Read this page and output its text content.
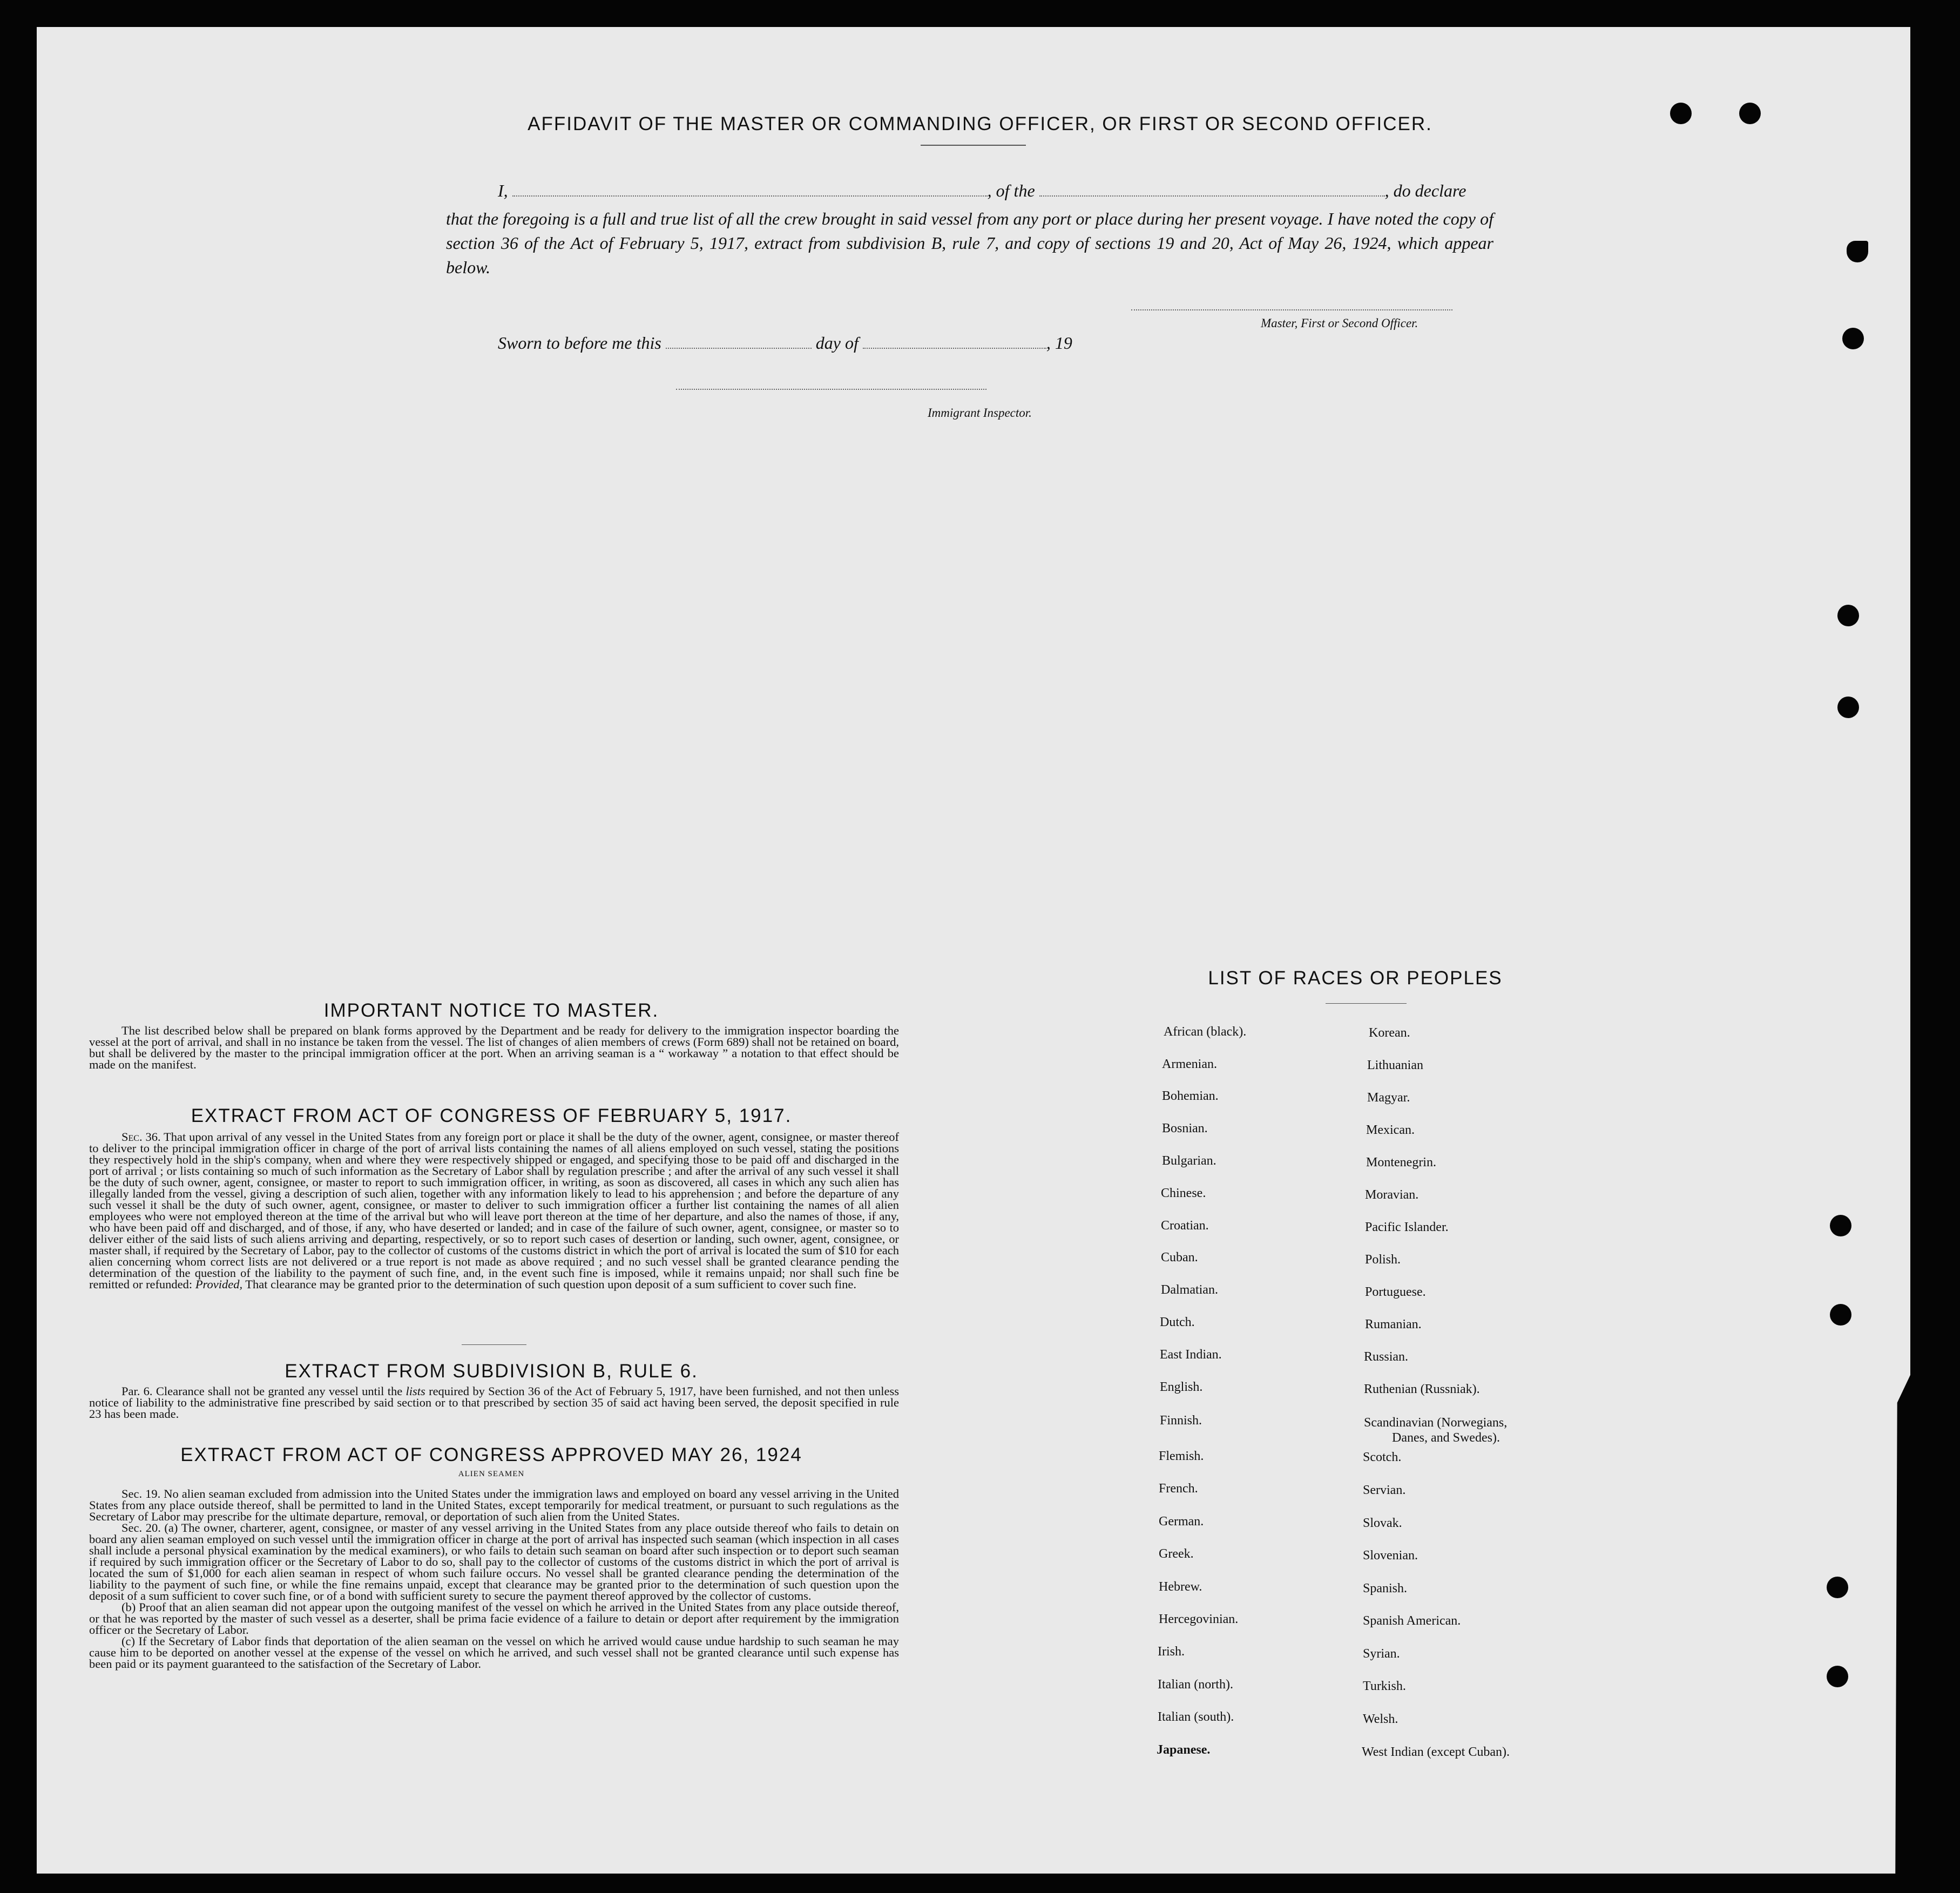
AFFIDAVIT OF THE MASTER OR COMMANDING OFFICER, OR FIRST OR SECOND OFFICER.
I,	, of the	, do declare
that the foregoing is a full and true list of all the crew brought in said vessel from any port or place during her present voyage. I have noted the copy of section 36 of the Act of February 5, 1917, extract from subdivision B, rule 7, and copy of sections 19 and 20, Act of May 26, 1924, which appear below.
Master, First or Second Officer.
Sworn to before me this	day of	, 19
Immigrant Inspector.
IMPORTANT NOTICE TO MASTER.
The list described below shall be prepared on blank forms approved by the Department and be ready for delivery to the immigration inspector boarding the vessel at the port of arrival, and shall in no instance be taken from the vessel. The list of changes of alien members of crews (Form 689) shall not be retained on board, but shall be delivered by the master to the principal immigration officer at the port. When an arriving seaman is a “ workaway ” a notation to that effect should be made on the manifest.
EXTRACT FROM ACT OF CONGRESS OF FEBRUARY 5, 1917.
Sec. 36. That upon arrival of any vessel in the United States from any foreign port or place it shall be the duty of the owner, agent, consignee, or master thereof to deliver to the principal immigration officer in charge of the port of arrival lists containing the names of all aliens employed on such vessel, stating the positions they respectively hold in the ship's company, when and where they were respectively shipped or engaged, and specifying those to be paid off and discharged in the port of arrival ; or lists containing so much of such information as the Secretary of Labor shall by regulation prescribe ; and after the arrival of any such vessel it shall be the duty of such owner, agent, consignee, or master to report to such immigration officer, in writing, as soon as discovered, all cases in which any such alien has illegally landed from the vessel, giving a description of such alien, together with any information likely to lead to his apprehension ; and before the departure of any such vessel it shall be the duty of such owner, agent, consignee, or master to deliver to such immigration officer a further list containing the names of all alien employees who were not employed thereon at the time of the arrival but who will leave port thereon at the time of her departure, and also the names of those, if any, who have been paid off and discharged, and of those, if any, who have deserted or landed; and in case of the failure of such owner, agent, consignee, or master so to deliver either of the said lists of such aliens arriving and departing, respectively, or so to report such cases of desertion or landing, such owner, agent, consignee, or master shall, if required by the Secretary of Labor, pay to the collector of customs of the customs district in which the port of arrival is located the sum of $10 for each alien concerning whom correct lists are not delivered or a true report is not made as above required ; and no such vessel shall be granted clearance pending the determination of the question of the liability to the payment of such fine, and, in the event such fine is imposed, while it remains unpaid; nor shall such fine be remitted or refunded: Provided, That clearance may be granted prior to the determination of such question upon deposit of a sum sufficient to cover such fine.
EXTRACT FROM SUBDIVISION B, RULE 6.
Par. 6. Clearance shall not be granted any vessel until the lists required by Section 36 of the Act of February 5, 1917, have been furnished, and not then unless notice of liability to the administrative fine prescribed by said section or to that prescribed by section 35 of said act having been served, the deposit specified in rule 23 has been made.
EXTRACT FROM ACT OF CONGRESS APPROVED MAY 26, 1924
ALIEN SEAMEN
Sec. 19. No alien seaman excluded from admission into the United States under the immigration laws and employed on board any vessel arriving in the United States from any place outside thereof, shall be permitted to land in the United States, except temporarily for medical treatment, or pursuant to such regulations as the Secretary of Labor may prescribe for the ultimate departure, removal, or deportation of such alien from the United States.
Sec. 20. (a) The owner, charterer, agent, consignee, or master of any vessel arriving in the United States from any place outside thereof who fails to detain on board any alien seaman employed on such vessel until the immigration officer in charge at the port of arrival has inspected such seaman (which inspection in all cases shall include a personal physical examination by the medical examiners), or who fails to detain such seaman on board after such inspection or to deport such seaman if required by such immigration officer or the Secretary of Labor to do so, shall pay to the collector of customs of the customs district in which the port of arrival is located the sum of $1,000 for each alien seaman in respect of whom such failure occurs. No vessel shall be granted clearance pending the determination of the liability to the payment of such fine, or while the fine remains unpaid, except that clearance may be granted prior to the determination of such question upon the deposit of a sum sufficient to cover such fine, or of a bond with sufficient surety to secure the payment thereof approved by the collector of customs.
(b) Proof that an alien seaman did not appear upon the outgoing manifest of the vessel on which he arrived in the United States from any place outside thereof, or that he was reported by the master of such vessel as a deserter, shall be prima facie evidence of a failure to detain or deport after requirement by the immigration officer or the Secretary of Labor.
(c) If the Secretary of Labor finds that deportation of the alien seaman on the vessel on which he arrived would cause undue hardship to such seaman he may cause him to be deported on another vessel at the expense of the vessel on which he arrived, and such vessel shall not be granted clearance until such expense has been paid or its payment guaranteed to the satisfaction of the Secretary of Labor.
LIST OF RACES OR PEOPLES
African (black).
Armenian.
Bohemian.
Bosnian.
Bulgarian.
Chinese.
Croatian.
Cuban.
Dalmatian.
Dutch.
East Indian.
English.
Finnish.
Flemish.
French.
German.
Greek.
Hebrew.
Hercegovinian.
Irish.
Italian (north).
Italian (south).
Japanese.
Korean.
Lithuanian
Magyar.
Mexican.
Montenegrin.
Moravian.
Pacific Islander.
Polish.
Portuguese.
Rumanian.
Russian.
Ruthenian (Russniak).
Scandinavian (Norwegians,
Danes, and Swedes).
Scotch.
Servian.
Slovak.
Slovenian.
Spanish.
Spanish American.
Syrian.
Turkish.
Welsh.
West Indian (except Cuban).
